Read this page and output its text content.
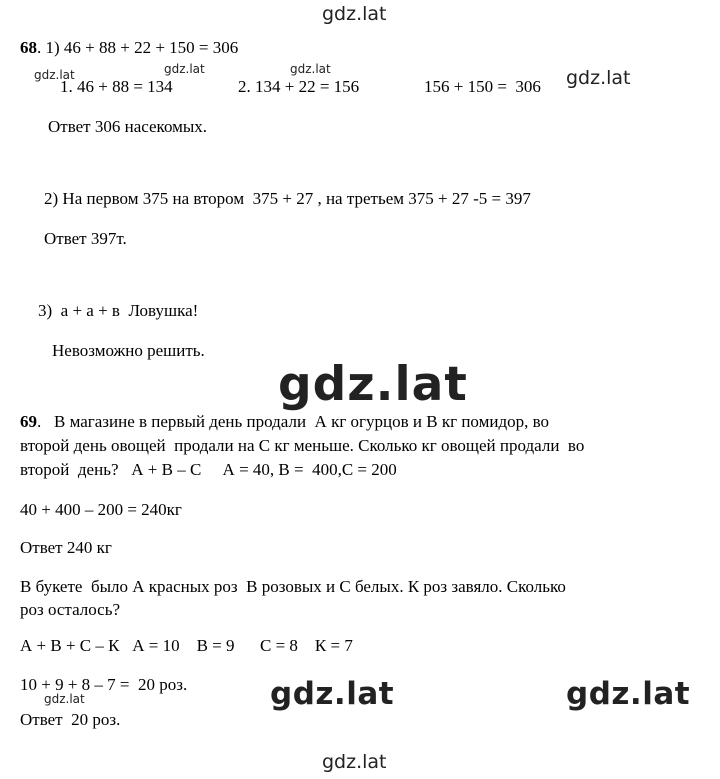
gdz.lat
68. 1) 46 + 88 + 22 + 150 = 306
gdz.lat	gdz.lat	gdz.lat
1. 46 + 88 = 134	2. 134 + 22 = 156	156 + 150 =  306 gdz.lat
Ответ 306 насекомых.
2) На первом 375 на втором  375 + 27 , на третьем 375 + 27 -5 = 397
Ответ 397т.
3)  а + а + в  Ловушка!
Невозможно решить.
gdz.lat
69.   В магазине в первый день продали  А кг огурцов и В кг помидор, во
второй день овощей  продали на С кг меньше. Сколько кг овощей продали  во
второй  день?   А + В – С     А = 40, В =  400,С = 200
40 + 400 – 200 = 240кг
Ответ 240 кг
В букете  было А красных роз  В розовых и С белых. К роз завяло. Сколько
роз осталось?
А + В + С – К   А = 10    В = 9      С = 8    К = 7
10 + 9 + 8 – 7 =  20 роз.
gdz.lat	gdz.lat	gdz.lat
Ответ  20 роз.
gdz.lat
